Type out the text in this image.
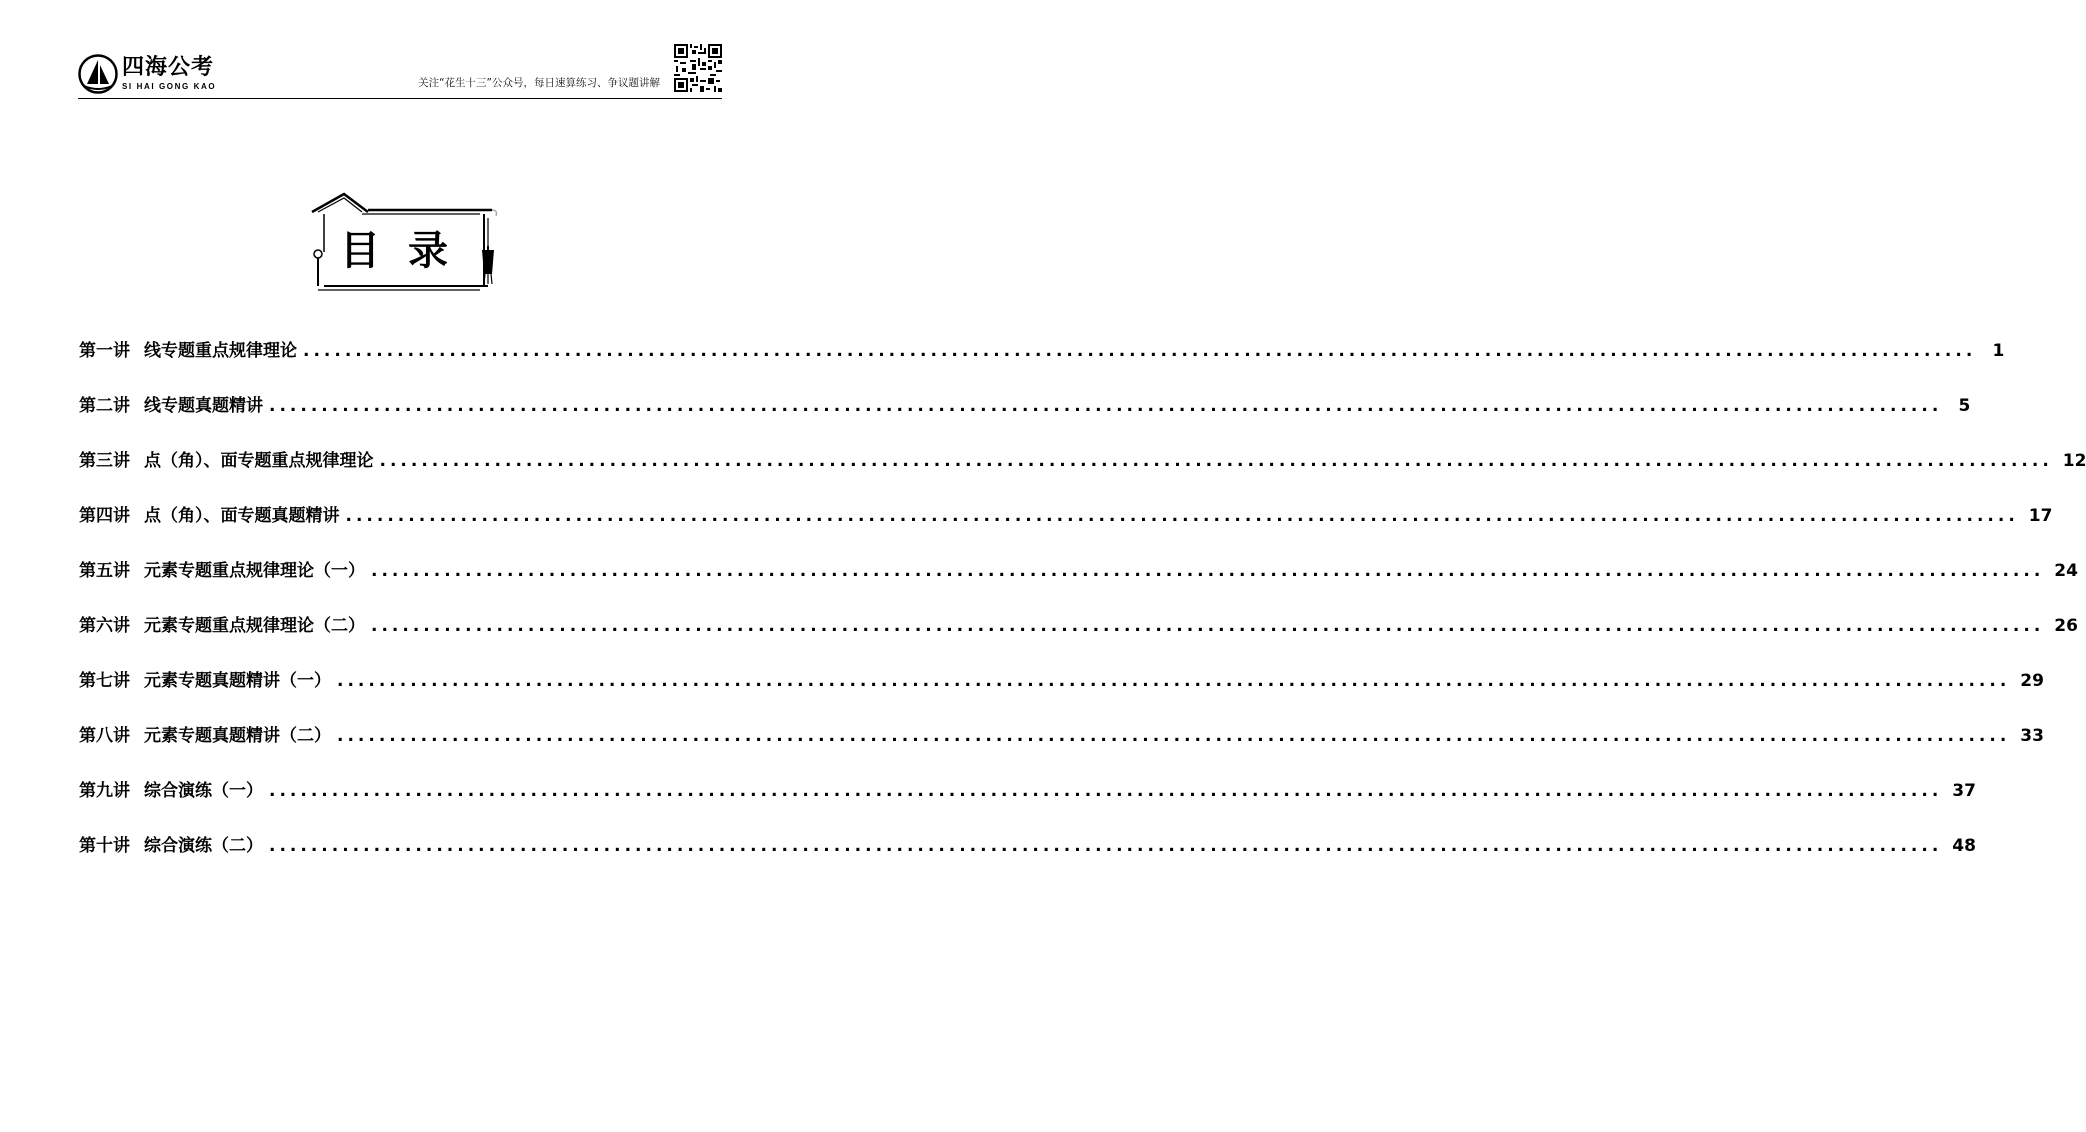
四海公考
SI HAI GONG KAO	关注“花生十三”公众号，每日速算练习、争议题讲解
目录
第一讲 线专题重点规律理论 ................................................................................................................................................................ 1
第二讲 线专题真题精讲 ................................................................................................................................................................ 5
第三讲 点（角）、面专题重点规律理论 ................................................................................................................................................................ 12
第四讲 点（角）、面专题真题精讲 ................................................................................................................................................................ 17
第五讲 元素专题重点规律理论（一） ................................................................................................................................................................ 24
第六讲 元素专题重点规律理论（二） ................................................................................................................................................................ 26
第七讲 元素专题真题精讲（一） ................................................................................................................................................................ 29
第八讲 元素专题真题精讲（二） ................................................................................................................................................................ 33
第九讲 综合演练（一） ................................................................................................................................................................ 37
第十讲 综合演练（二） ................................................................................................................................................................ 48
